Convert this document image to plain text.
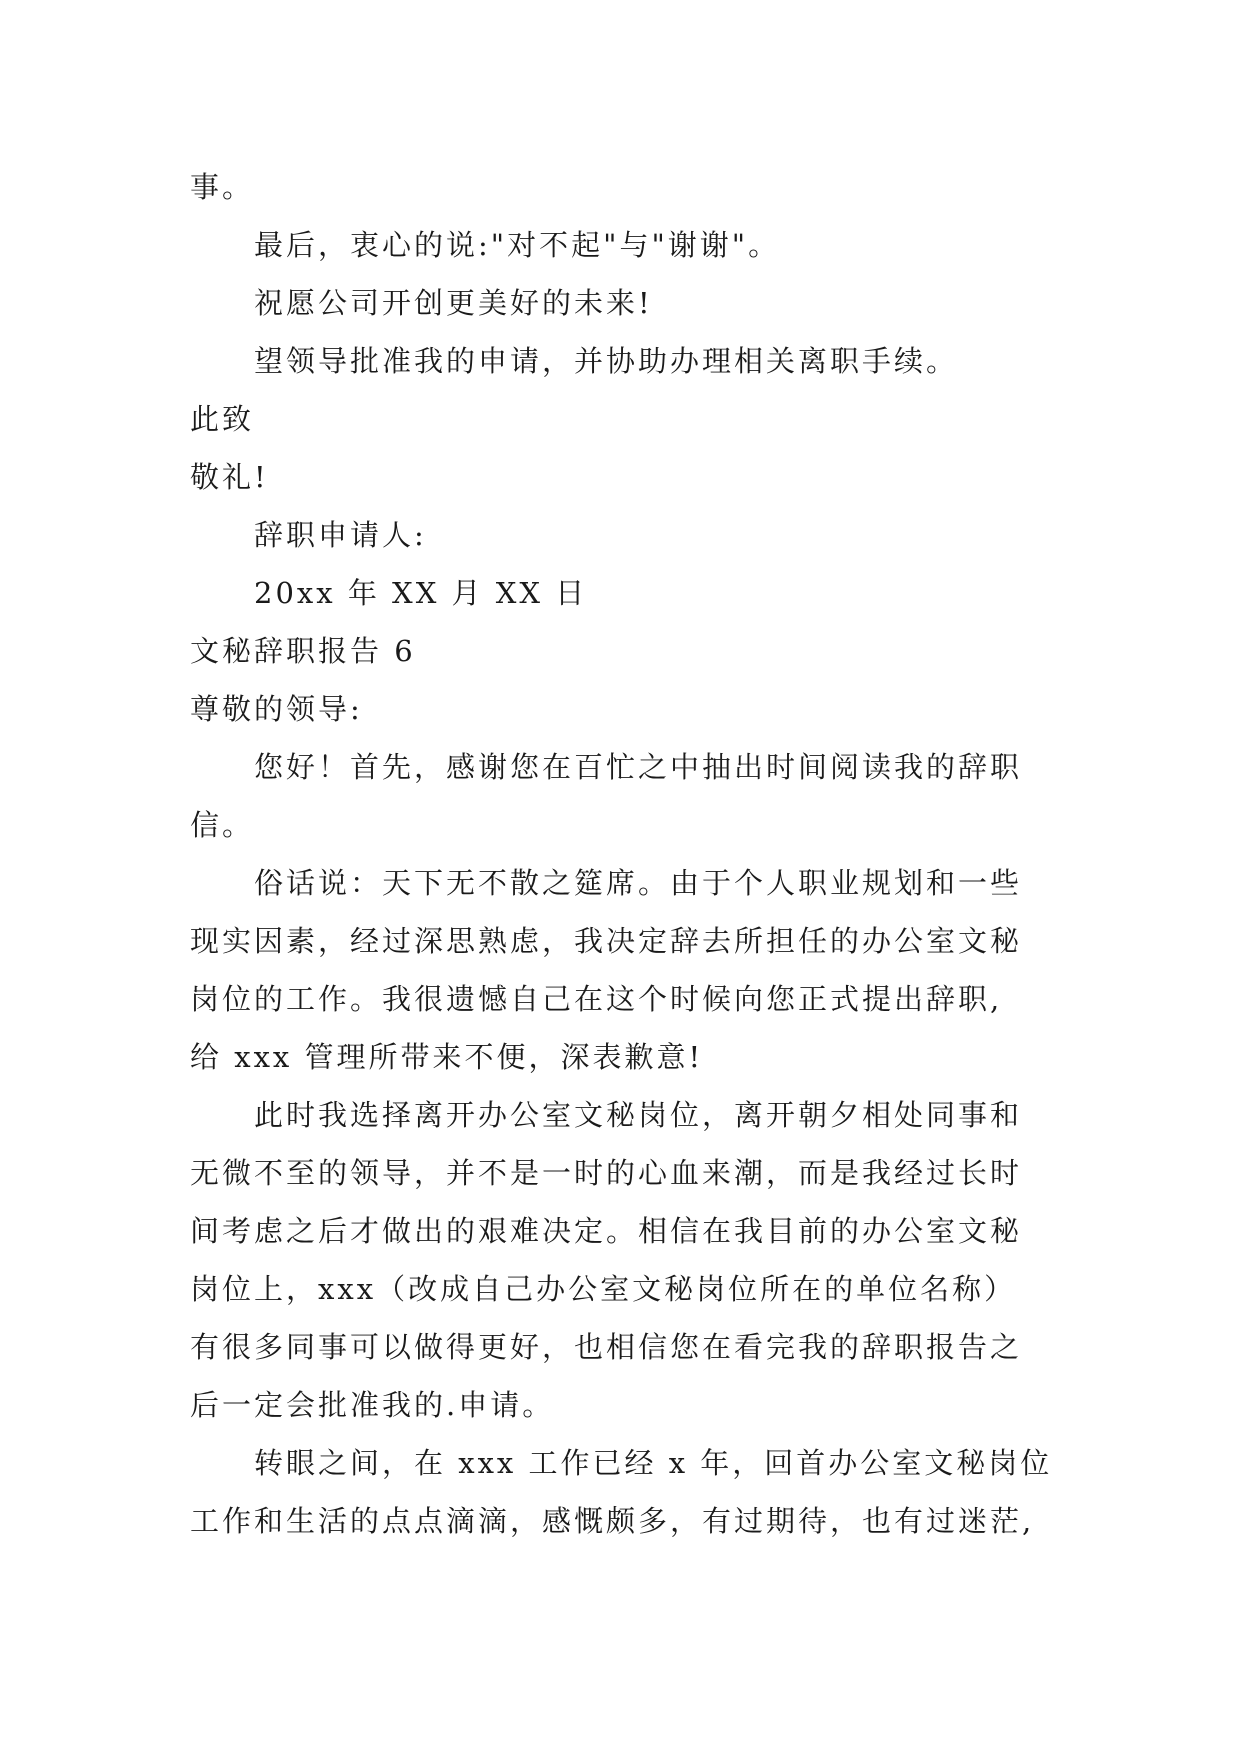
事。
最后，衷心的说:"对不起"与"谢谢"。
祝愿公司开创更美好的未来!
望领导批准我的申请，并协助办理相关离职手续。
此致
敬礼!
辞职申请人:
20xx 年 XX 月 XX 日
文秘辞职报告 6
尊敬的领导:
您好！首先，感谢您在百忙之中抽出时间阅读我的辞职
信。
俗话说：天下无不散之筵席。由于个人职业规划和一些
现实因素，经过深思熟虑，我决定辞去所担任的办公室文秘
岗位的工作。我很遗憾自己在这个时候向您正式提出辞职,
给 xxx 管理所带来不便，深表歉意!
此时我选择离开办公室文秘岗位，离开朝夕相处同事和
无微不至的领导，并不是一时的心血来潮，而是我经过长时
间考虑之后才做出的艰难决定。相信在我目前的办公室文秘
岗位上，xxx（改成自己办公室文秘岗位所在的单位名称）
有很多同事可以做得更好，也相信您在看完我的辞职报告之
后一定会批准我的.申请。
转眼之间，在 xxx 工作已经 x 年，回首办公室文秘岗位
工作和生活的点点滴滴，感慨颇多，有过期待，也有过迷茫,
